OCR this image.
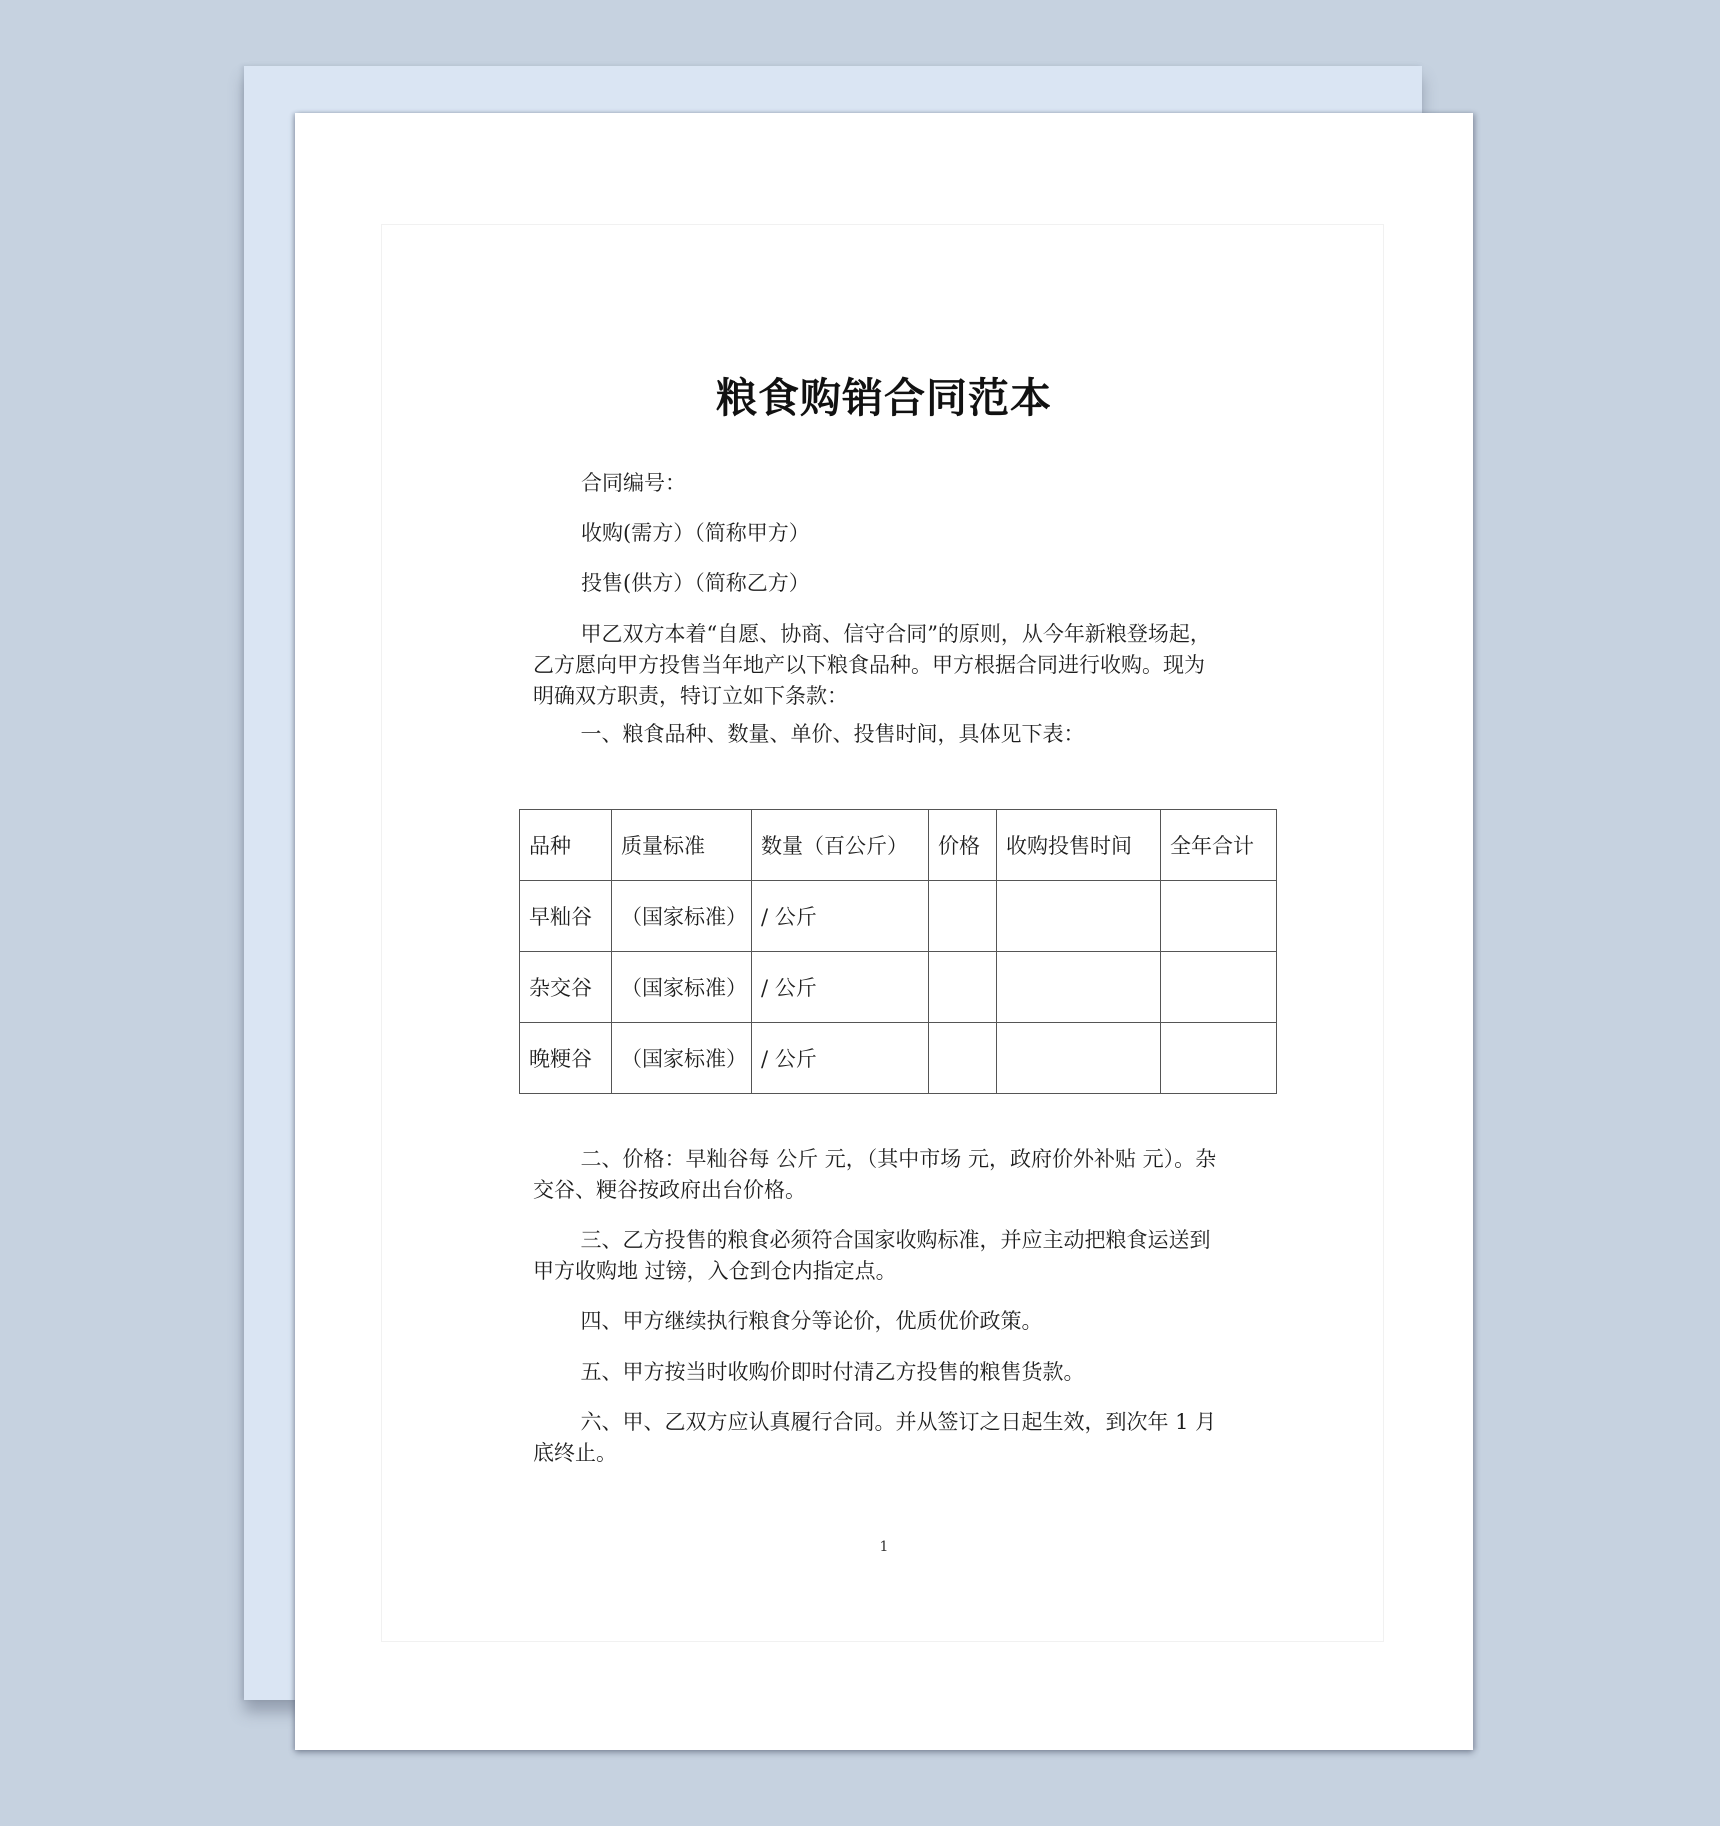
粮食购销合同范本
合同编号：
收购(需方）（简称甲方）
投售(供方）（简称乙方）
甲乙双方本着“自愿、协商、信守合同”的原则，从今年新粮登场起，乙方愿向甲方投售当年地产以下粮食品种。甲方根据合同进行收购。现为明确双方职责，特订立如下条款：
一、粮食品种、数量、单价、投售时间，具体见下表：
品种	质量标准	数量（百公斤）	价格	收购投售时间	全年合计
早籼谷	（国家标准）	/ 公斤			
杂交谷	（国家标准）	/ 公斤			
晚粳谷	（国家标准）	/ 公斤			
二、价格：早籼谷每 公斤 元，（其中市场 元，政府价外补贴 元）。杂交谷、粳谷按政府出台价格。
三、乙方投售的粮食必须符合国家收购标准，并应主动把粮食运送到甲方收购地 过镑，入仓到仓内指定点。
四、甲方继续执行粮食分等论价，优质优价政策。
五、甲方按当时收购价即时付清乙方投售的粮售货款。
六、甲、乙双方应认真履行合同。并从签订之日起生效，到次年 1 月底终止。
1
